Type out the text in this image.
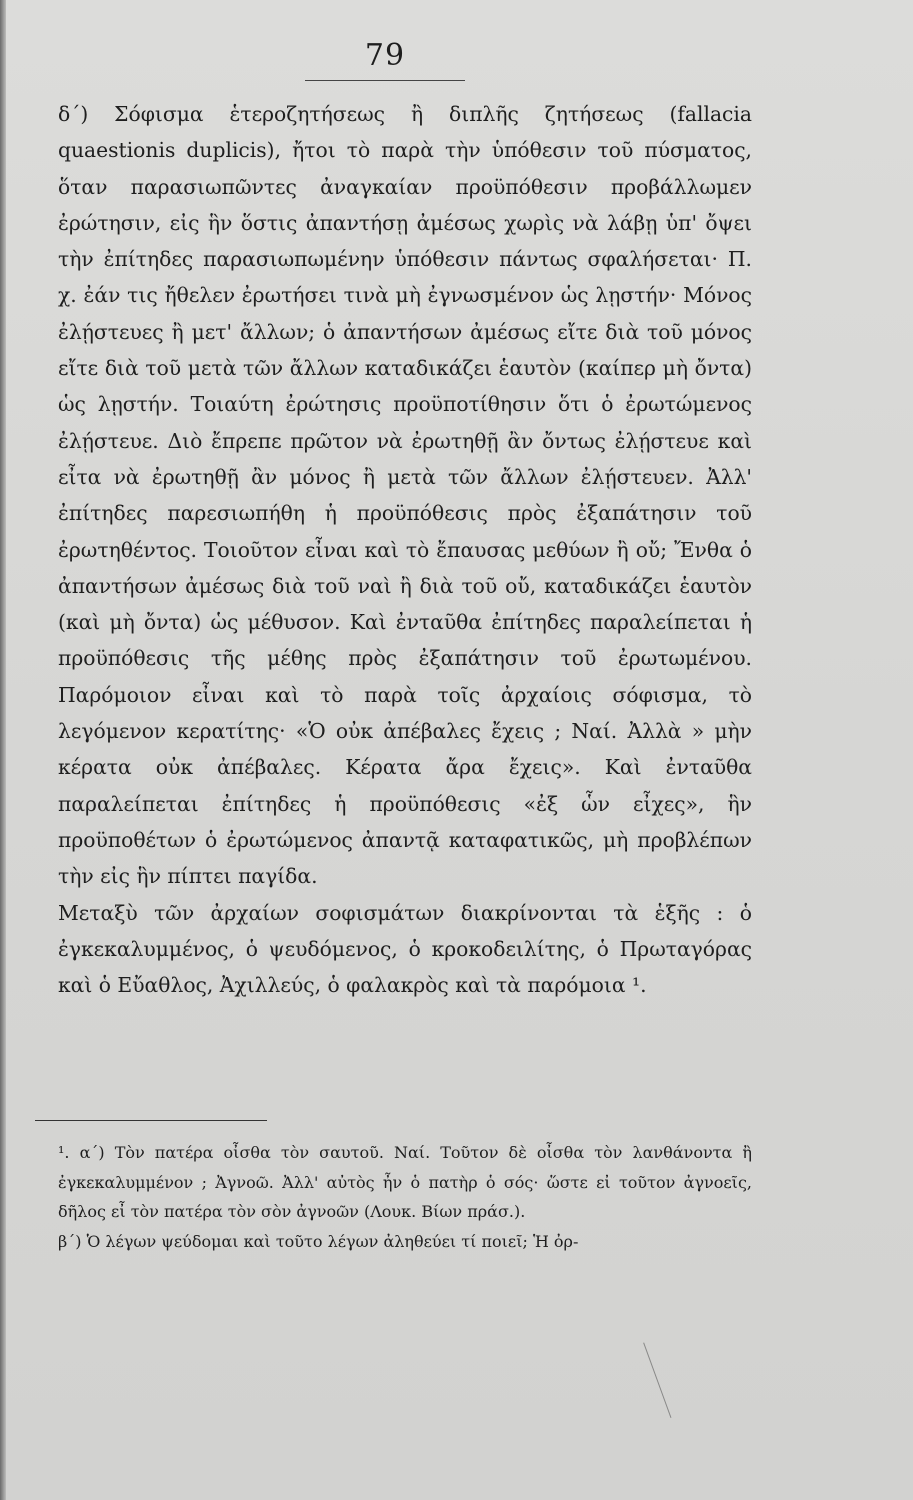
79

δ΄) Σόφισμα ἑτεροζητήσεως ἢ διπλῆς ζητήσεως (fallacia quaestionis duplicis), ἤτοι τὸ παρὰ τὴν ὑπόθεσιν τοῦ πύσματος, ὅταν παρασιωπῶντες ἀναγκαίαν προϋπόθεσιν προβάλλωμεν ἐρώτησιν, εἰς ἣν ὅστις ἀπαντήσῃ ἀμέσως χωρὶς νὰ λάβῃ ὑπ' ὄψει τὴν ἐπίτηδες παρασιωπωμένην ὑπόθεσιν πάντως σφαλήσεται· Π. χ. ἐάν τις ἤθελεν ἐρωτήσει τινὰ μὴ ἐγνωσμένον ὡς λῃστήν· Μόνος ἐλῄστευες ἢ μετ' ἄλλων; ὁ ἀπαντήσων ἀμέσως εἴτε διὰ τοῦ μόνος εἴτε διὰ τοῦ μετὰ τῶν ἄλλων καταδικάζει ἑαυτὸν (καίπερ μὴ ὄντα) ὡς λῃστήν. Τοιαύτη ἐρώτησις προϋποτίθησιν ὅτι ὁ ἐρωτώμενος ἐλῄστευε. Διὸ ἔπρεπε πρῶτον νὰ ἐρωτηθῇ ἂν ὄντως ἐλῄστευε καὶ εἶτα νὰ ἐρωτηθῇ ἂν μόνος ἢ μετὰ τῶν ἄλλων ἐλῄστευεν. Ἀλλ' ἐπίτηδες παρεσιωπήθη ἡ προϋπόθεσις πρὸς ἐξαπάτησιν τοῦ ἐρωτηθέντος. Τοιοῦτον εἶναι καὶ τὸ ἔπαυσας μεθύων ἢ οὔ; Ἔνθα ὁ ἀπαντήσων ἀμέσως διὰ τοῦ ναὶ ἢ διὰ τοῦ οὔ, καταδικάζει ἑαυτὸν (καὶ μὴ ὄντα) ὡς μέθυσον. Καὶ ἐνταῦθα ἐπίτηδες παραλείπεται ἡ προϋπόθεσις τῆς μέθης πρὸς ἐξαπάτησιν τοῦ ἐρωτωμένου. Παρόμοιον εἶναι καὶ τὸ παρὰ τοῖς ἀρχαίοις σόφισμα, τὸ λεγόμενον κερατίτης· «Ὁ οὐκ ἀπέβαλες ἔχεις ; Ναί. Ἀλλὰ » μὴν κέρατα οὐκ ἀπέβαλες. Κέρατα ἄρα ἔχεις». Καὶ ἐνταῦθα παραλείπεται ἐπίτηδες ἡ προϋπόθεσις «ἐξ ὧν εἶχες», ἣν προϋποθέτων ὁ ἐρωτώμενος ἀπαντᾷ καταφατικῶς, μὴ προβλέπων τὴν εἰς ἣν πίπτει παγίδα.

Μεταξὺ τῶν ἀρχαίων σοφισμάτων διακρίνονται τὰ ἑξῆς : ὁ ἐγκεκαλυμμένος, ὁ ψευδόμενος, ὁ κροκοδειλίτης, ὁ Πρωταγόρας καὶ ὁ Εὔαθλος, Ἀχιλλεύς, ὁ φαλακρὸς καὶ τὰ παρόμοια ¹.

¹. α΄) Τὸν πατέρα οἶσθα τὸν σαυτοῦ. Ναί. Τοῦτον δὲ οἶσθα τὸν λανθάνοντα ἢ ἐγκεκαλυμμένον ; Ἀγνοῶ. Ἀλλ' αὐτὸς ἦν ὁ πατὴρ ὁ σός· ὥστε εἰ τοῦτον ἀγνοεῖς, δῆλος εἶ τὸν πατέρα τὸν σὸν ἀγνοῶν (Λουκ. Βίων πράσ.).

β΄) Ὁ λέγων ψεύδομαι καὶ τοῦτο λέγων ἀληθεύει τί ποιεῖ; Ἡ ὀρ-
